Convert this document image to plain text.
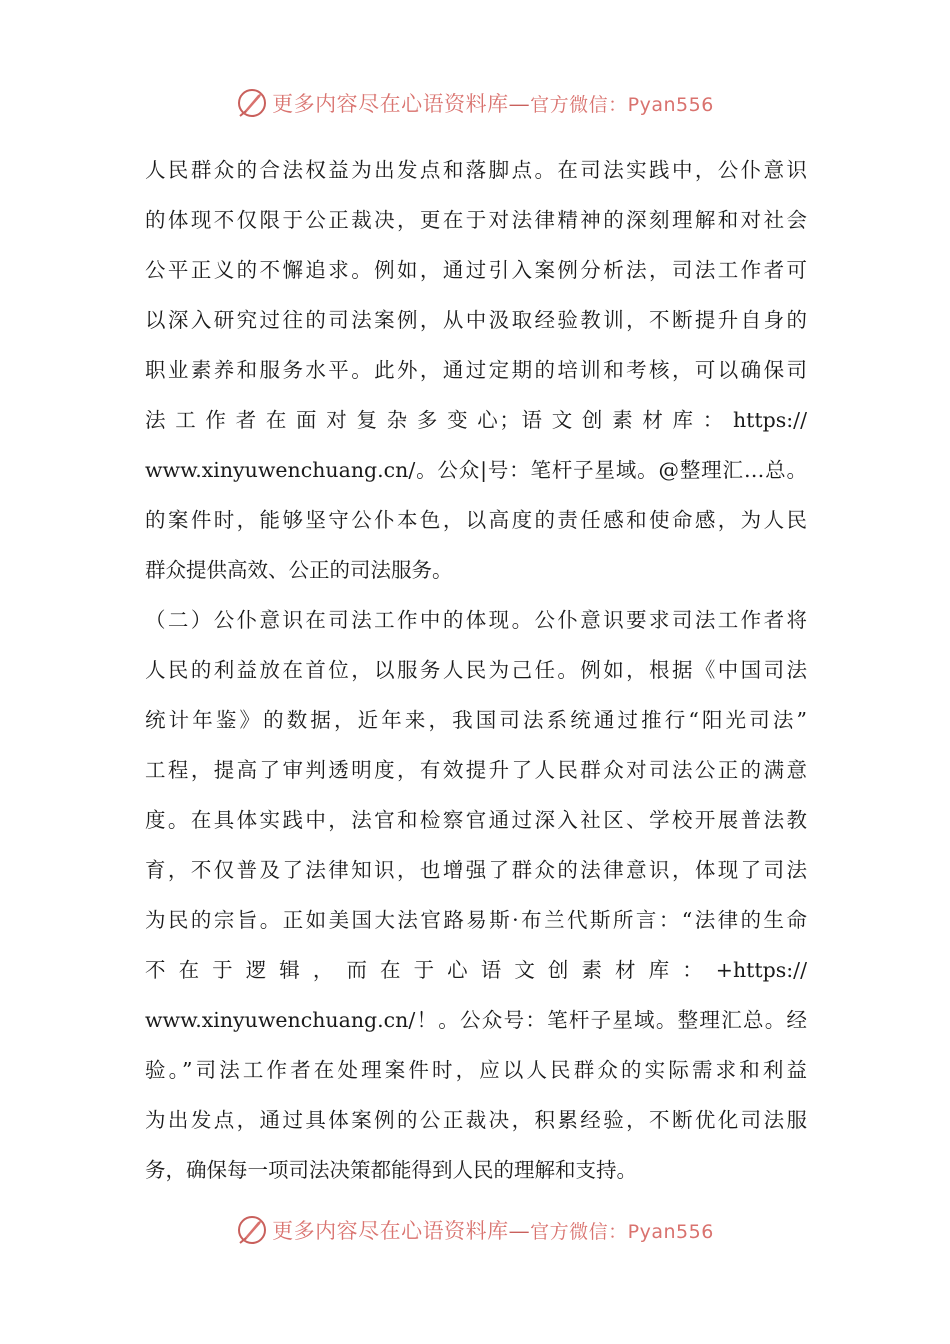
更多内容尽在心语资料库—官方微信：Pyan556
人民群众的合法权益为出发点和落脚点。在司法实践中，公仆意识
的体现不仅限于公正裁决，更在于对法律精神的深刻理解和对社会
公平正义的不懈追求。例如，通过引入案例分析法，司法工作者可
以深入研究过往的司法案例，从中汲取经验教训，不断提升自身的
职业素养和服务水平。此外，通过定期的培训和考核，可以确保司
法 工 作 者 在 面 对 复 杂 多 变 心；语 文 创 素 材 库 ： https://
www.xinyuwenchuang.cn/。公众|号：笔杆子星域。@整理汇…总。
的案件时，能够坚守公仆本色，以高度的责任感和使命感，为人民
群众提供高效、公正的司法服务。
（二）公仆意识在司法工作中的体现。公仆意识要求司法工作者将
人民的利益放在首位，以服务人民为己任。例如，根据《中国司法
统计年鉴》的数据，近年来，我国司法系统通过推行“阳光司法”
工程，提高了审判透明度，有效提升了人民群众对司法公正的满意
度。在具体实践中，法官和检察官通过深入社区、学校开展普法教
育，不仅普及了法律知识，也增强了群众的法律意识，体现了司法
为民的宗旨。正如美国大法官路易斯·布兰代斯所言：“法律的生命
不 在 于 逻 辑 ， 而 在 于 心 语 文 创 素 材 库 ： +https://
www.xinyuwenchuang.cn/！。公众号：笔杆子星域。整理汇总。经
验。”司法工作者在处理案件时，应以人民群众的实际需求和利益
为出发点，通过具体案例的公正裁决，积累经验，不断优化司法服
务，确保每一项司法决策都能得到人民的理解和支持。
更多内容尽在心语资料库—官方微信：Pyan556
